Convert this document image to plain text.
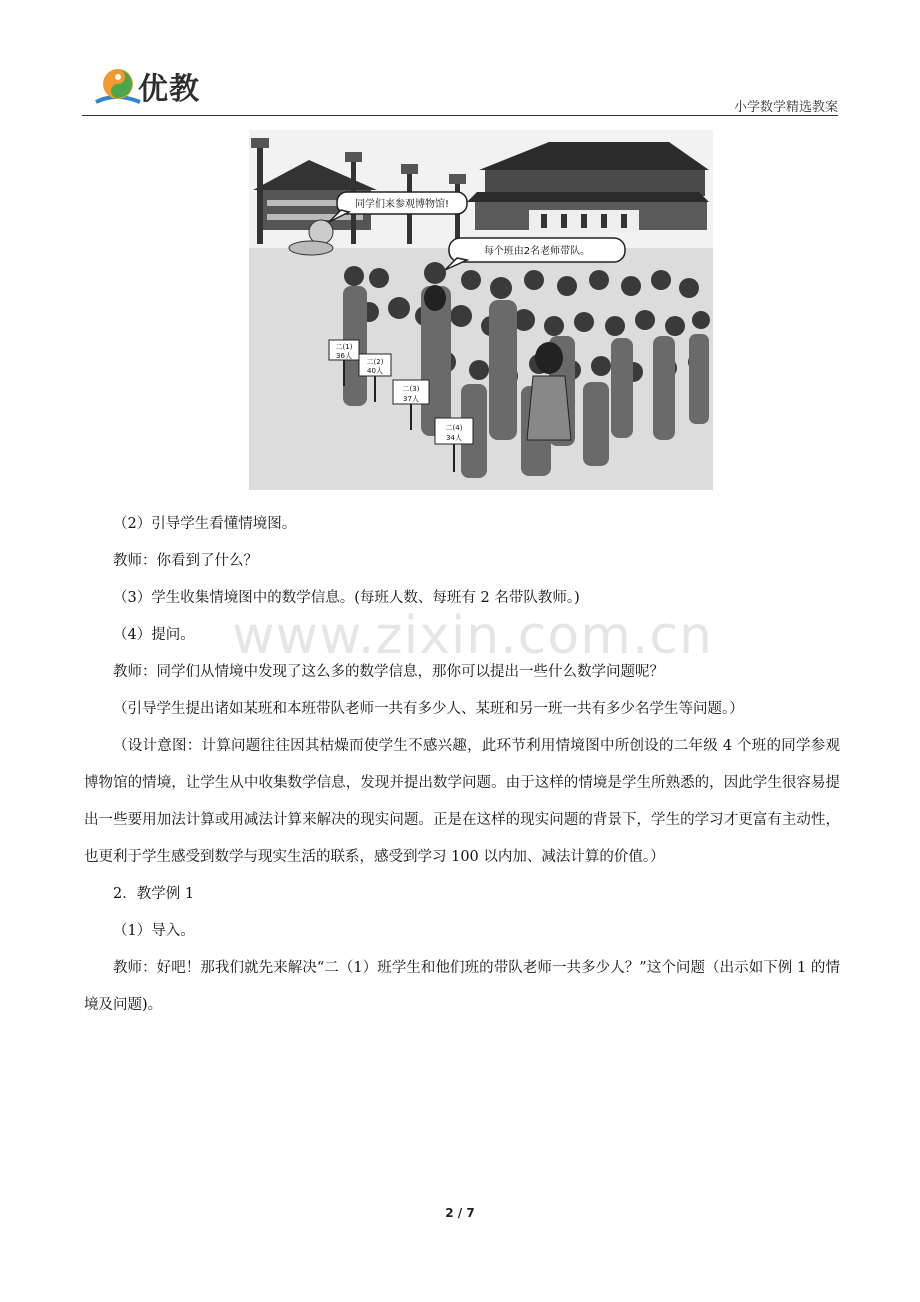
优教
小学数学精选教案
同学们来参观博物馆!
每个班由2名老师带队。
二(1)
36人
二(2)
40人
二(3)
37人
二(4)
34人
www.zixin.com.cn

（2）引导学生看懂情境图。

教师：你看到了什么？

（3）学生收集情境图中的数学信息。(每班人数、每班有 2 名带队教师。)

（4）提问。

教师：同学们从情境中发现了这么多的数学信息，那你可以提出一些什么数学问题呢？

（引导学生提出诸如某班和本班带队老师一共有多少人、某班和另一班一共有多少名学生等问题。）

（设计意图：计算问题往往因其枯燥而使学生不感兴趣，此环节利用情境图中所创设的二年级 4 个班的同学参观博物馆的情境，让学生从中收集数学信息，发现并提出数学问题。由于这样的情境是学生所熟悉的，因此学生很容易提出一些要用加法计算或用减法计算来解决的现实问题。正是在这样的现实问题的背景下，学生的学习才更富有主动性，也更利于学生感受到数学与现实生活的联系，感受到学习 100 以内加、减法计算的价值。）

2．教学例 1

（1）导入。

教师：好吧！那我们就先来解决“二（1）班学生和他们班的带队老师一共多少人？”这个问题（出示如下例 1 的情境及问题)。

2 / 7
